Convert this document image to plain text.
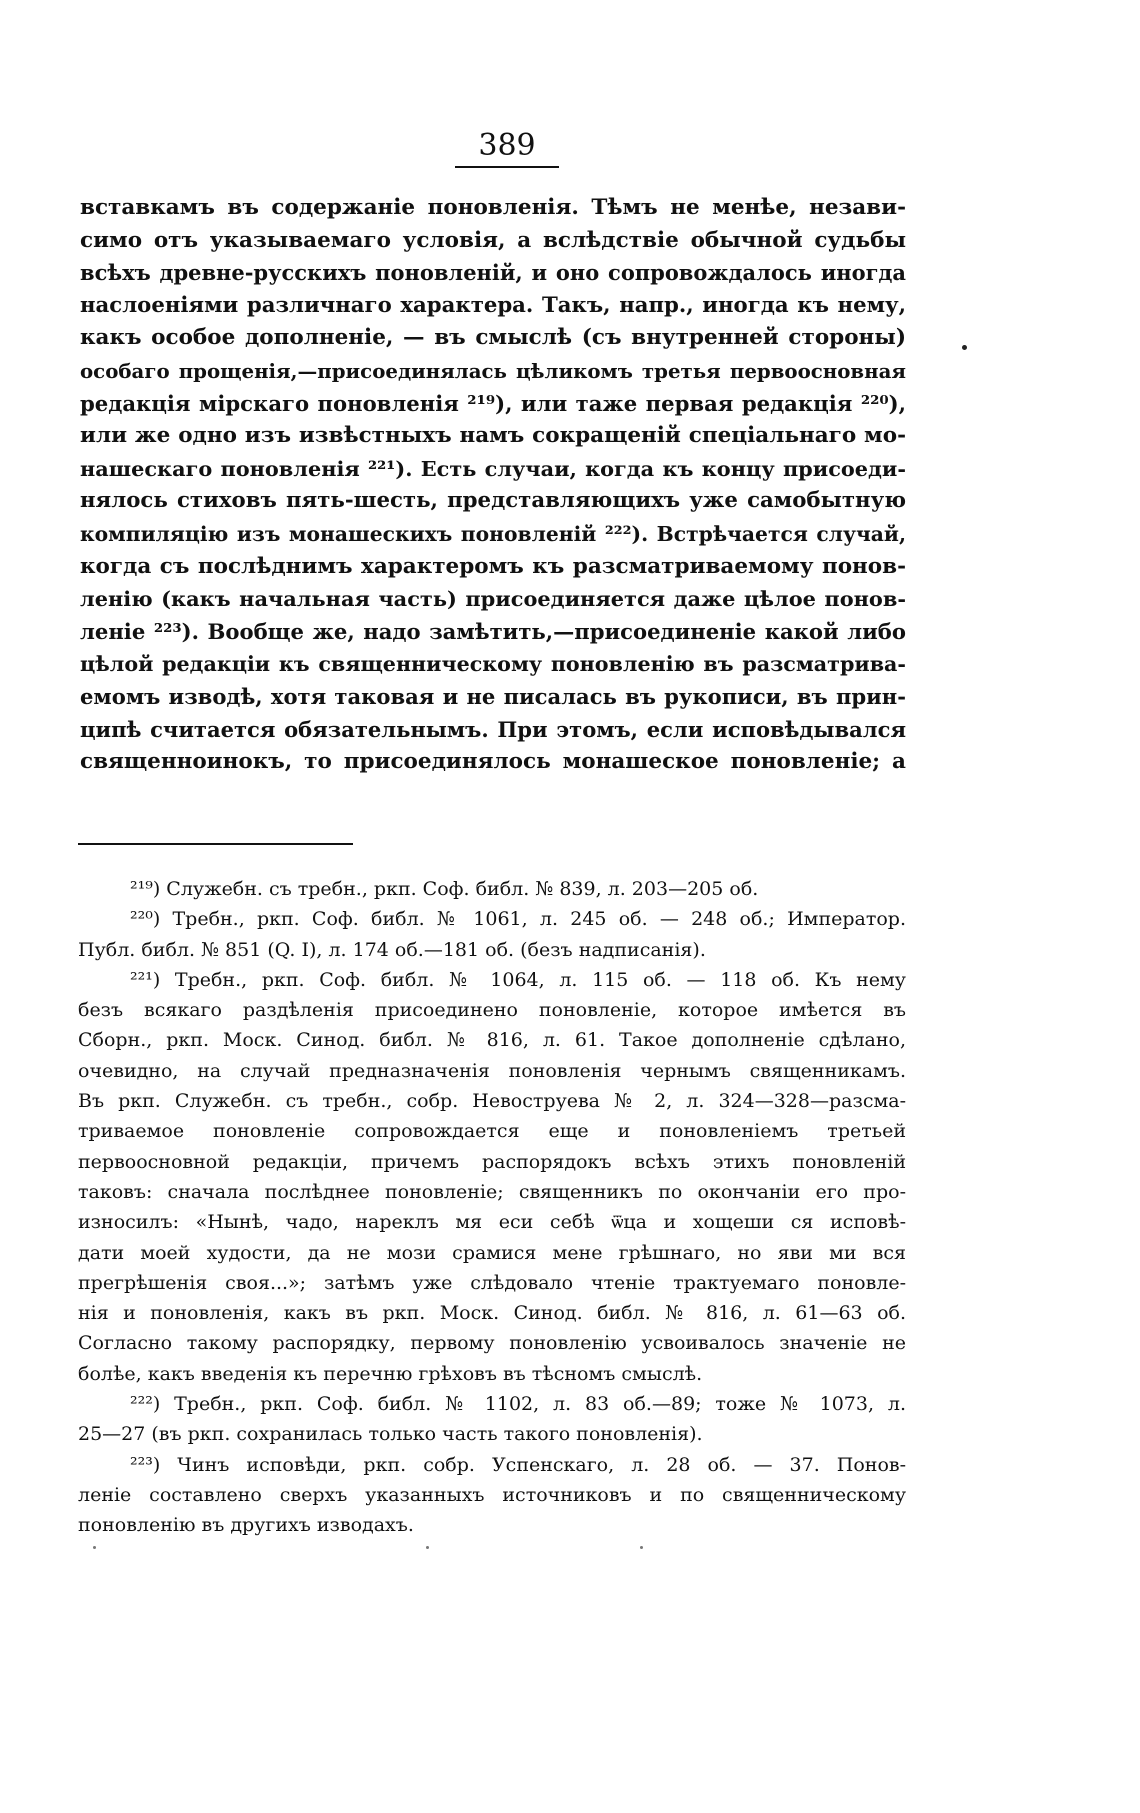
389
вставкамъ въ содержаніе поновленія. Тѣмъ не менѣе, незави-
симо отъ указываемаго условія, а вслѣдствіе обычной судьбы
всѣхъ древне-русскихъ поновленій, и оно сопровождалось иногда
наслоеніями различнаго характера. Такъ, напр., иногда къ нему,
какъ особое дополненіе, — въ смыслѣ (съ внутренней стороны)
особаго прощенія,—присоединялась цѣликомъ третья первоосновная
редакція мірскаго поновленія ²¹⁹), или таже первая редакція ²²⁰),
или же одно изъ извѣстныхъ намъ сокращеній спеціальнаго мо-
нашескаго поновленія ²²¹). Есть случаи, когда къ концу присоеди-
нялось стиховъ пять-шесть, представляющихъ уже самобытную
компиляцію изъ монашескихъ поновленій ²²²). Встрѣчается случай,
когда съ послѣднимъ характеромъ къ разсматриваемому понов-
ленію (какъ начальная часть) присоединяется даже цѣлое понов-
леніе ²²³). Вообще же, надо замѣтить,—присоединеніе какой либо
цѣлой редакціи къ священническому поновленію въ разсматрива-
емомъ изводѣ, хотя таковая и не писалась въ рукописи, въ прин-
ципѣ считается обязательнымъ. При этомъ, если исповѣдывался
священноинокъ, то присоединялось монашеское поновленіе; а
²¹⁹) Служебн. съ требн., ркп. Соф. библ. № 839, л. 203—205 об.
²²⁰) Требн., ркп. Соф. библ. № 1061, л. 245 об. — 248 об.; Император.
Публ. библ. № 851 (Q. I), л. 174 об.—181 об. (безъ надписанія).
²²¹) Требн., ркп. Соф. библ. № 1064, л. 115 об. — 118 об. Къ нему
безъ всякаго раздѣленія присоединено поновленіе, которое имѣется въ
Сборн., ркп. Моск. Синод. библ. № 816, л. 61. Такое дополненіе сдѣлано,
очевидно, на случай предназначенія поновленія чернымъ священникамъ.
Въ ркп. Служебн. съ требн., собр. Невоструева № 2, л. 324—328—разсма-
триваемое поновленіе сопровождается еще и поновленіемъ третьей
первоосновной редакціи, причемъ распорядокъ всѣхъ этихъ поновленій
таковъ: сначала послѣднее поновленіе; священникъ по окончаніи его про-
износилъ: «Нынѣ, чадо, нареклъ мя еси себѣ ѿца и хощеши ся исповѣ-
дати моей худости, да не мози срамися мене грѣшнаго, но яви ми вся
прегрѣшенія своя...»; затѣмъ уже слѣдовало чтеніе трактуемаго поновле-
нія и поновленія, какъ въ ркп. Моск. Синод. библ. № 816, л. 61—63 об.
Согласно такому распорядку, первому поновленію усвоивалось значеніе не
болѣе, какъ введенія къ перечню грѣховъ въ тѣсномъ смыслѣ.
²²²) Требн., ркп. Соф. библ. № 1102, л. 83 об.—89; тоже № 1073, л.
25—27 (въ ркп. сохранилась только часть такого поновленія).
²²³) Чинъ исповѣди, ркп. собр. Успенскаго, л. 28 об. — 37. Понов-
леніе составлено сверхъ указанныхъ источниковъ и по священническому
поновленію въ другихъ изводахъ.
